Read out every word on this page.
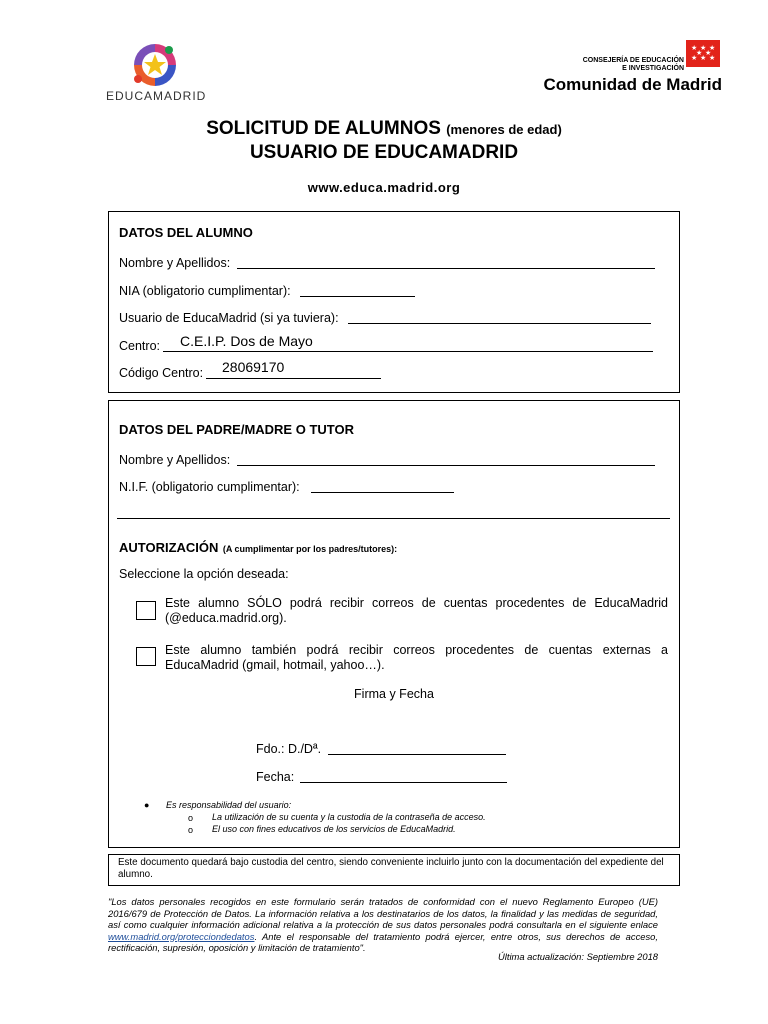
EDUCAMADRID
★ ★ ★
★ ★ ★
★ ★
CONSEJERÍA DE EDUCACIÓN
E INVESTIGACIÓN
Comunidad de Madrid
SOLICITUD DE ALUMNOS (menores de edad)
USUARIO DE EDUCAMADRID
www.educa.madrid.org
DATOS DEL ALUMNO
Nombre y Apellidos:
NIA (obligatorio cumplimentar):
Usuario de EducaMadrid (si ya tuviera):
Centro: C.E.I.P. Dos de Mayo
Código Centro: 28069170
DATOS DEL PADRE/MADRE O TUTOR
Nombre y Apellidos:
N.I.F. (obligatorio cumplimentar):
AUTORIZACIÓN (A cumplimentar por los padres/tutores):
Seleccione la opción deseada:
Este alumno SÓLO podrá recibir correos de cuentas procedentes de EducaMadrid (@educa.madrid.org).
Este alumno también podrá recibir correos procedentes de cuentas externas a EducaMadrid (gmail, hotmail, yahoo…).
Firma y Fecha
Fdo.: D./Dª.
Fecha:
● Es responsabilidad del usuario:
o La utilización de su cuenta y la custodia de la contraseña de acceso.
o El uso con fines educativos de los servicios de EducaMadrid.
Este documento quedará bajo custodia del centro, siendo conveniente incluirlo junto con la documentación del expediente del alumno.
"Los datos personales recogidos en este formulario serán tratados de conformidad con el nuevo Reglamento Europeo (UE) 2016/679 de Protección de Datos. La información relativa a los destinatarios de los datos, la finalidad y las medidas de seguridad, así como cualquier información adicional relativa a la protección de sus datos personales podrá consultarla en el siguiente enlace www.madrid.org/protecciondedatos. Ante el responsable del tratamiento podrá ejercer, entre otros, sus derechos de acceso, rectificación, supresión, oposición y limitación de tratamiento".
Última actualización: Septiembre 2018
